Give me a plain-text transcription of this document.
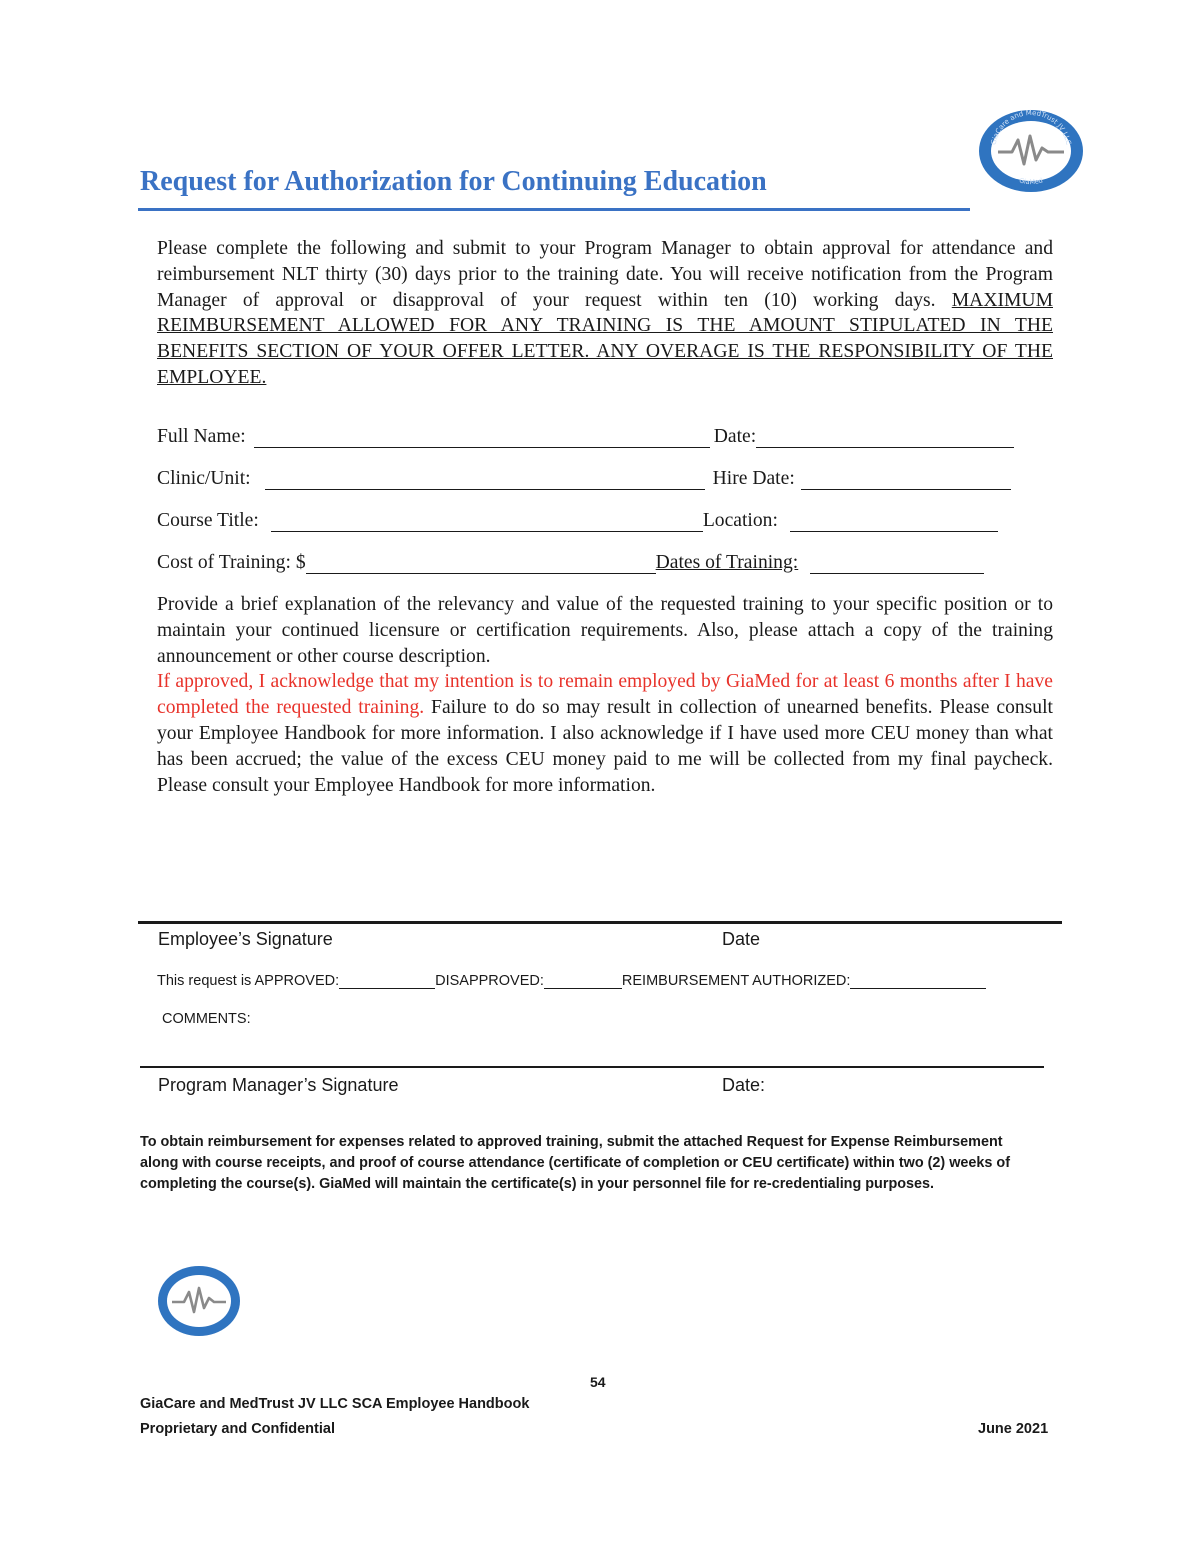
GiaCare and MedTrust JV LLC
GiaMed
Request for Authorization for Continuing Education
Please complete the following and submit to your Program Manager to obtain approval for attendance and reimbursement NLT thirty (30) days prior to the training date. You will receive notification from the Program Manager of approval or disapproval of your request within ten (10) working days. MAXIMUM REIMBURSEMENT ALLOWED FOR ANY TRAINING IS THE AMOUNT STIPULATED IN THE BENEFITS SECTION OF YOUR OFFER LETTER. ANY OVERAGE IS THE RESPONSIBILITY OF THE EMPLOYEE.
Full Name:	Date:
Clinic/Unit:	Hire Date:
Course Title:	Location:
Cost of Training: $	Dates of Training:
Provide a brief explanation of the relevancy and value of the requested training to your specific position or to maintain your continued licensure or certification requirements. Also, please attach a copy of the training announcement or other course description.
If approved, I acknowledge that my intention is to remain employed by GiaMed for at least 6 months after I have completed the requested training. Failure to do so may result in collection of unearned benefits. Please consult your Employee Handbook for more information. I also acknowledge if I have used more CEU money than what has been accrued; the value of the excess CEU money paid to me will be collected from my final paycheck. Please consult your Employee Handbook for more information.
Employee’s Signature	Date
This request is APPROVED:	DISAPPROVED:	REIMBURSEMENT AUTHORIZED:
COMMENTS:
Program Manager’s Signature	Date:
To obtain reimbursement for expenses related to approved training, submit the attached Request for Expense Reimbursement along with course receipts, and proof of course attendance (certificate of completion or CEU certificate) within two (2) weeks of completing the course(s). GiaMed will maintain the certificate(s) in your personnel file for re-credentialing purposes.
54
GiaCare and MedTrust JV LLC SCA Employee Handbook
Proprietary and Confidential	June 2021
